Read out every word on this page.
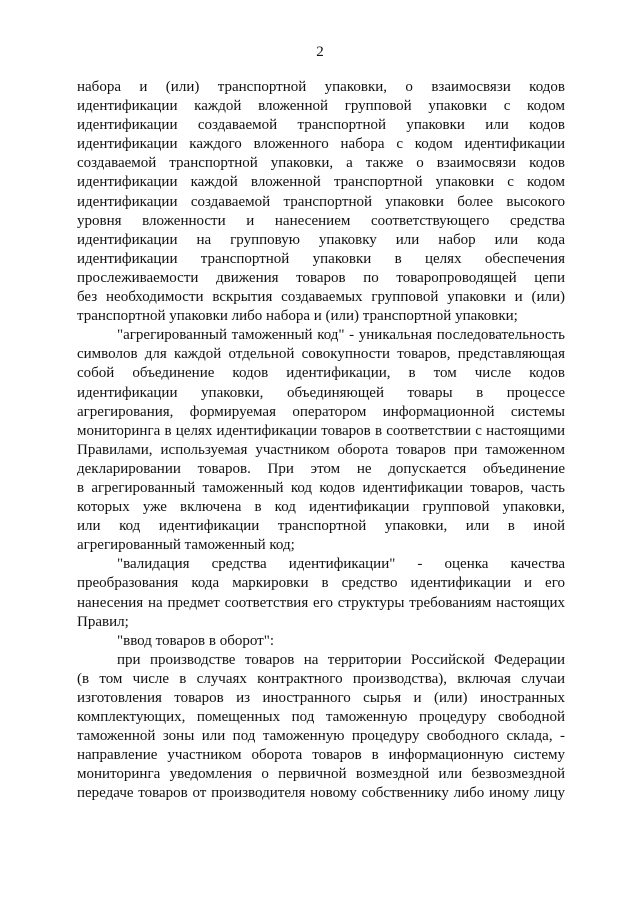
2
набора и (или) транспортной упаковки, о взаимосвязи кодов
идентификации каждой вложенной групповой упаковки с кодом
идентификации создаваемой транспортной упаковки или кодов
идентификации каждого вложенного набора с кодом идентификации
создаваемой транспортной упаковки, а также о взаимосвязи кодов
идентификации каждой вложенной транспортной упаковки с кодом
идентификации создаваемой транспортной упаковки более высокого
уровня вложенности и нанесением соответствующего средства
идентификации на групповую упаковку или набор или кода
идентификации транспортной упаковки в целях обеспечения
прослеживаемости движения товаров по товаропроводящей цепи
без необходимости вскрытия создаваемых групповой упаковки и (или)
транспортной упаковки либо набора и (или) транспортной упаковки;
"агрегированный таможенный код" - уникальная последовательность
символов для каждой отдельной совокупности товаров, представляющая
собой объединение кодов идентификации, в том числе кодов
идентификации упаковки, объединяющей товары в процессе
агрегирования, формируемая оператором информационной системы
мониторинга в целях идентификации товаров в соответствии с настоящими
Правилами, используемая участником оборота товаров при таможенном
декларировании товаров. При этом не допускается объединение
в агрегированный таможенный код кодов идентификации товаров, часть
которых уже включена в код идентификации групповой упаковки,
или код идентификации транспортной упаковки, или в иной
агрегированный таможенный код;
"валидация средства идентификации" - оценка качества
преобразования кода маркировки в средство идентификации и его
нанесения на предмет соответствия его структуры требованиям настоящих
Правил;
"ввод товаров в оборот":
при производстве товаров на территории Российской Федерации
(в том числе в случаях контрактного производства), включая случаи
изготовления товаров из иностранного сырья и (или) иностранных
комплектующих, помещенных под таможенную процедуру свободной
таможенной зоны или под таможенную процедуру свободного склада, -
направление участником оборота товаров в информационную систему
мониторинга уведомления о первичной возмездной или безвозмездной
передаче товаров от производителя новому собственнику либо иному лицу
